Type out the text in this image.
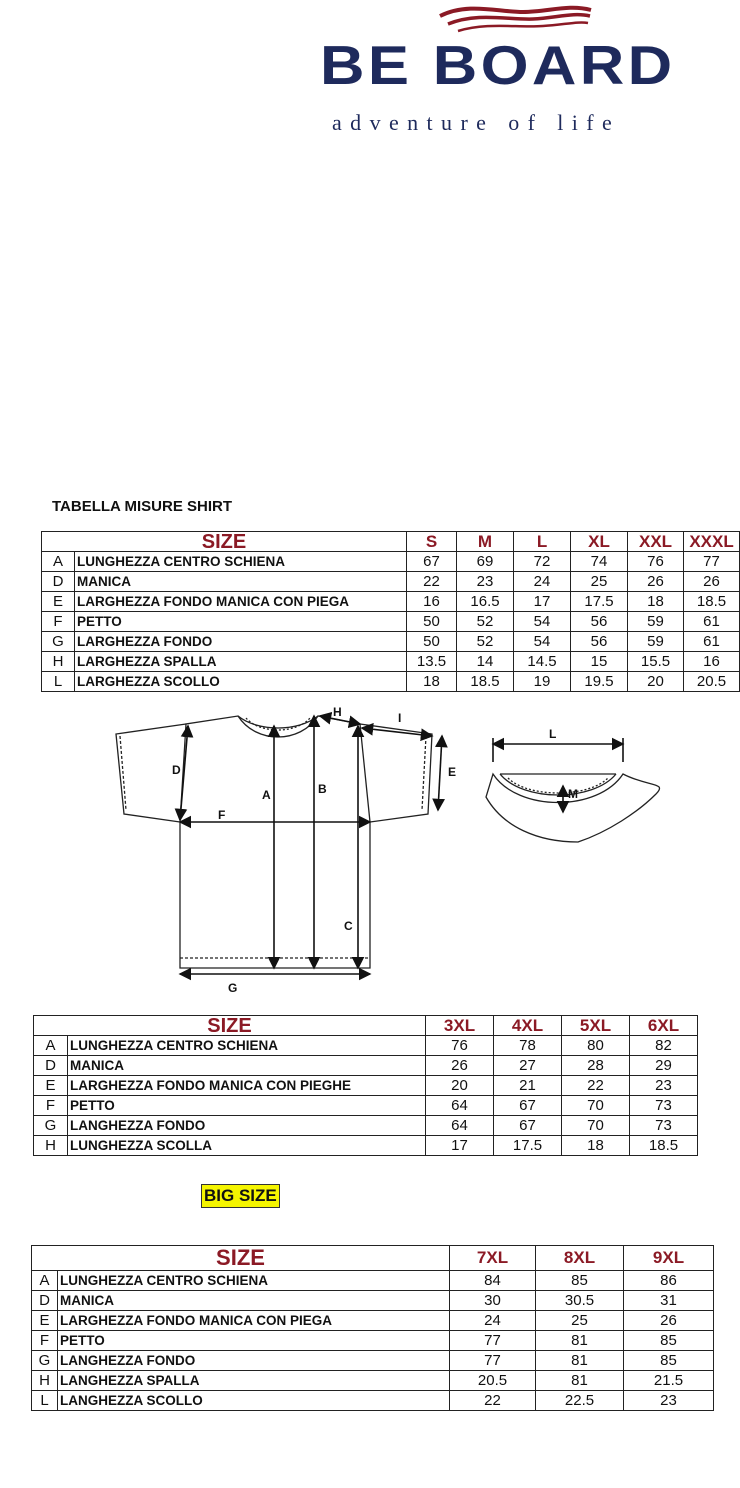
BE BOARD
adventure of life
TABELLA MISURE SHIRT
SIZE		S	M	L	XL	XXL	XXXL
A	LUNGHEZZA CENTRO SCHIENA	67	69	72	74	76	77
D	MANICA	22	23	24	25	26	26
E	LARGHEZZA FONDO MANICA CON PIEGA	16	16.5	17	17.5	18	18.5
F	PETTO	50	52	54	56	59	61
G	LARGHEZZA FONDO	50	52	54	56	59	61
H	LARGHEZZA SPALLA	13.5	14	14.5	15	15.5	16
L	LARGHEZZA SCOLLO	18	18.5	19	19.5	20	20.5
A	B
C
D	E
F
G
H	I
L
M
SIZE		3XL	4XL	5XL	6XL
A	LUNGHEZZA CENTRO SCHIENA	76	78	80	82
D	MANICA	26	27	28	29
E	LARGHEZZA FONDO MANICA CON PIEGHE	20	21	22	23
F	PETTO	64	67	70	73
G	LANGHEZZA FONDO	64	67	70	73
H	LUNGHEZZA SCOLLA	17	17.5	18	18.5
BIG SIZE
SIZE		7XL	8XL	9XL
A	LUNGHEZZA CENTRO SCHIENA	84	85	86
D	MANICA	30	30.5	31
E	LARGHEZZA FONDO MANICA CON PIEGA	24	25	26
F	PETTO	77	81	85
G	LANGHEZZA FONDO	77	81	85
H	LANGHEZZA SPALLA	20.5	81	21.5
L	LANGHEZZA SCOLLO	22	22.5	23
